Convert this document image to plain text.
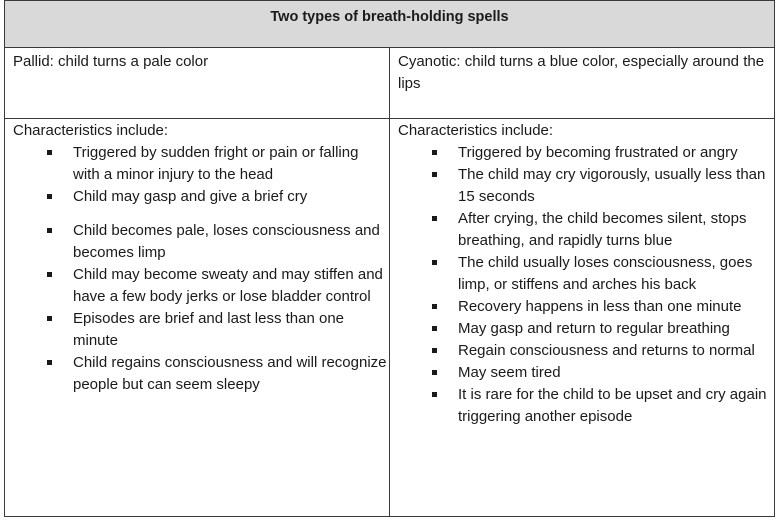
Two types of breath-holding spells
Pallid: child turns a pale color	Cyanotic: child turns a blue color, especially around the lips
Characteristics include:
Triggered by sudden fright or pain or falling with a minor injury to the head
Child may gasp and give a brief cry
Child becomes pale, loses consciousness and becomes limp
Child may become sweaty and may stiffen and have a few body jerks or lose bladder control
Episodes are brief and last less than one minute
Child regains consciousness and will recognize people but can seem sleepy
Characteristics include:
Triggered by becoming frustrated or angry
The child may cry vigorously, usually less than 15 seconds
After crying, the child becomes silent, stops breathing, and rapidly turns blue
The child usually loses consciousness, goes limp, or stiffens and arches his back
Recovery happens in less than one minute
May gasp and return to regular breathing
Regain consciousness and returns to normal
May seem tired
It is rare for the child to be upset and cry again triggering another episode
